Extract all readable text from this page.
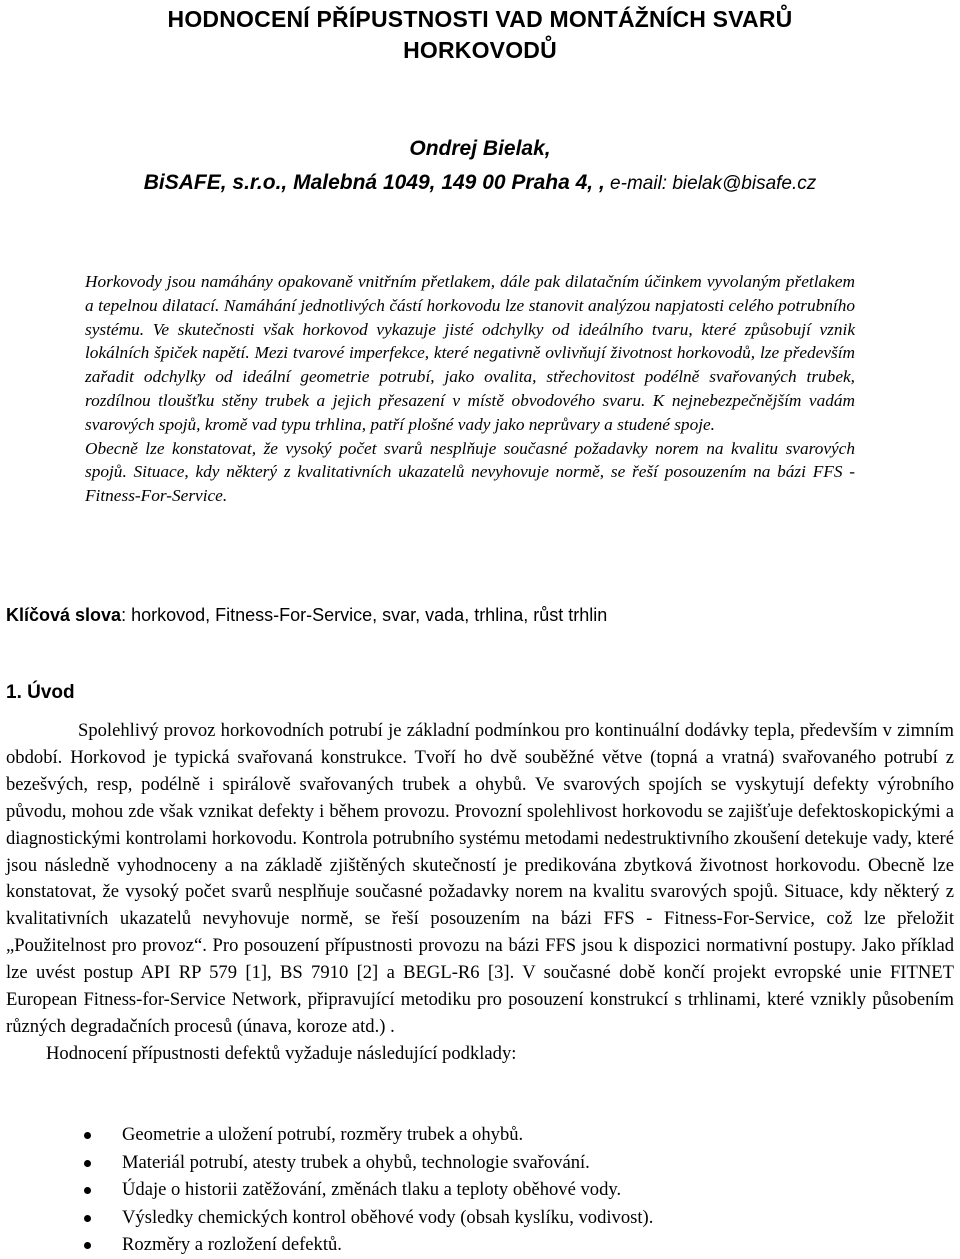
HODNOCENÍ PŘÍPUSTNOSTI VAD MONTÁŽNÍCH SVARŮ
HORKOVODŮ
Ondrej Bielak,
BiSAFE, s.r.o., Malebná 1049, 149 00 Praha 4, , e-mail: bielak@bisafe.cz

Horkovody jsou namáhány opakovaně vnitřním přetlakem, dále pak dilatačním účinkem vyvolaným přetlakem a tepelnou dilatací. Namáhání jednotlivých částí horkovodu lze stanovit analýzou napjatosti celého potrubního systému. Ve skutečnosti však horkovod vykazuje jisté odchylky od ideálního tvaru, které způsobují vznik lokálních špiček napětí. Mezi tvarové imperfekce, které negativně ovlivňují životnost horkovodů, lze především zařadit odchylky od ideální geometrie potrubí, jako ovalita, střechovitost podélně svařovaných trubek, rozdílnou tloušťku stěny trubek a jejich přesazení v místě obvodového svaru. K nejnebezpečnějším vadám svarových spojů, kromě vad typu trhlina, patří plošné vady jako neprůvary a studené spoje.

Obecně lze konstatovat, že vysoký počet svarů nesplňuje současné požadavky norem na kvalitu svarových spojů. Situace, kdy některý z kvalitativních ukazatelů nevyhovuje normě, se řeší posouzením na bázi FFS - Fitness-For-Service.

Klíčová slova: horkovod, Fitness-For-Service, svar, vada, trhlina, růst trhlin
1. Úvod

Spolehlivý provoz horkovodních potrubí je základní podmínkou pro kontinuální dodávky tepla, především v zimním období. Horkovod je typická svařovaná konstrukce. Tvoří ho dvě souběžné větve (topná a vratná) svařovaného potrubí z bezešvých, resp, podélně i spirálově svařovaných trubek a ohybů. Ve svarových spojích se vyskytují defekty výrobního původu, mohou zde však vznikat defekty i během provozu. Provozní spolehlivost horkovodu se zajišťuje defektoskopickými a diagnostickými kontrolami horkovodu. Kontrola potrubního systému metodami nedestruktivního zkoušení detekuje vady, které jsou následně vyhodnoceny a na základě zjištěných skutečností je predikována zbytková životnost horkovodu. Obecně lze konstatovat, že vysoký počet svarů nesplňuje současné požadavky norem na kvalitu svarových spojů. Situace, kdy některý z kvalitativních ukazatelů nevyhovuje normě, se řeší posouzením na bázi FFS - Fitness-For-Service, což lze přeložit „Použitelnost pro provoz“. Pro posouzení přípustnosti provozu na bázi FFS jsou k dispozici normativní postupy. Jako příklad lze uvést postup API RP 579 [1], BS 7910 [2] a BEGL-R6 [3]. V současné době končí projekt evropské unie FITNET European Fitness-for-Service Network, připravující metodiku pro posouzení konstrukcí s trhlinami, které vznikly působením různých degradačních procesů (únava, koroze atd.) .

Hodnocení přípustnosti defektů vyžaduje následující podklady:

Geometrie a uložení potrubí, rozměry trubek a ohybů.
Materiál potrubí, atesty trubek a ohybů, technologie svařování.
Údaje o historii zatěžování, změnách tlaku a teploty oběhové vody.
Výsledky chemických kontrol oběhové vody (obsah kyslíku, vodivost).
Rozměry a rozložení defektů.
